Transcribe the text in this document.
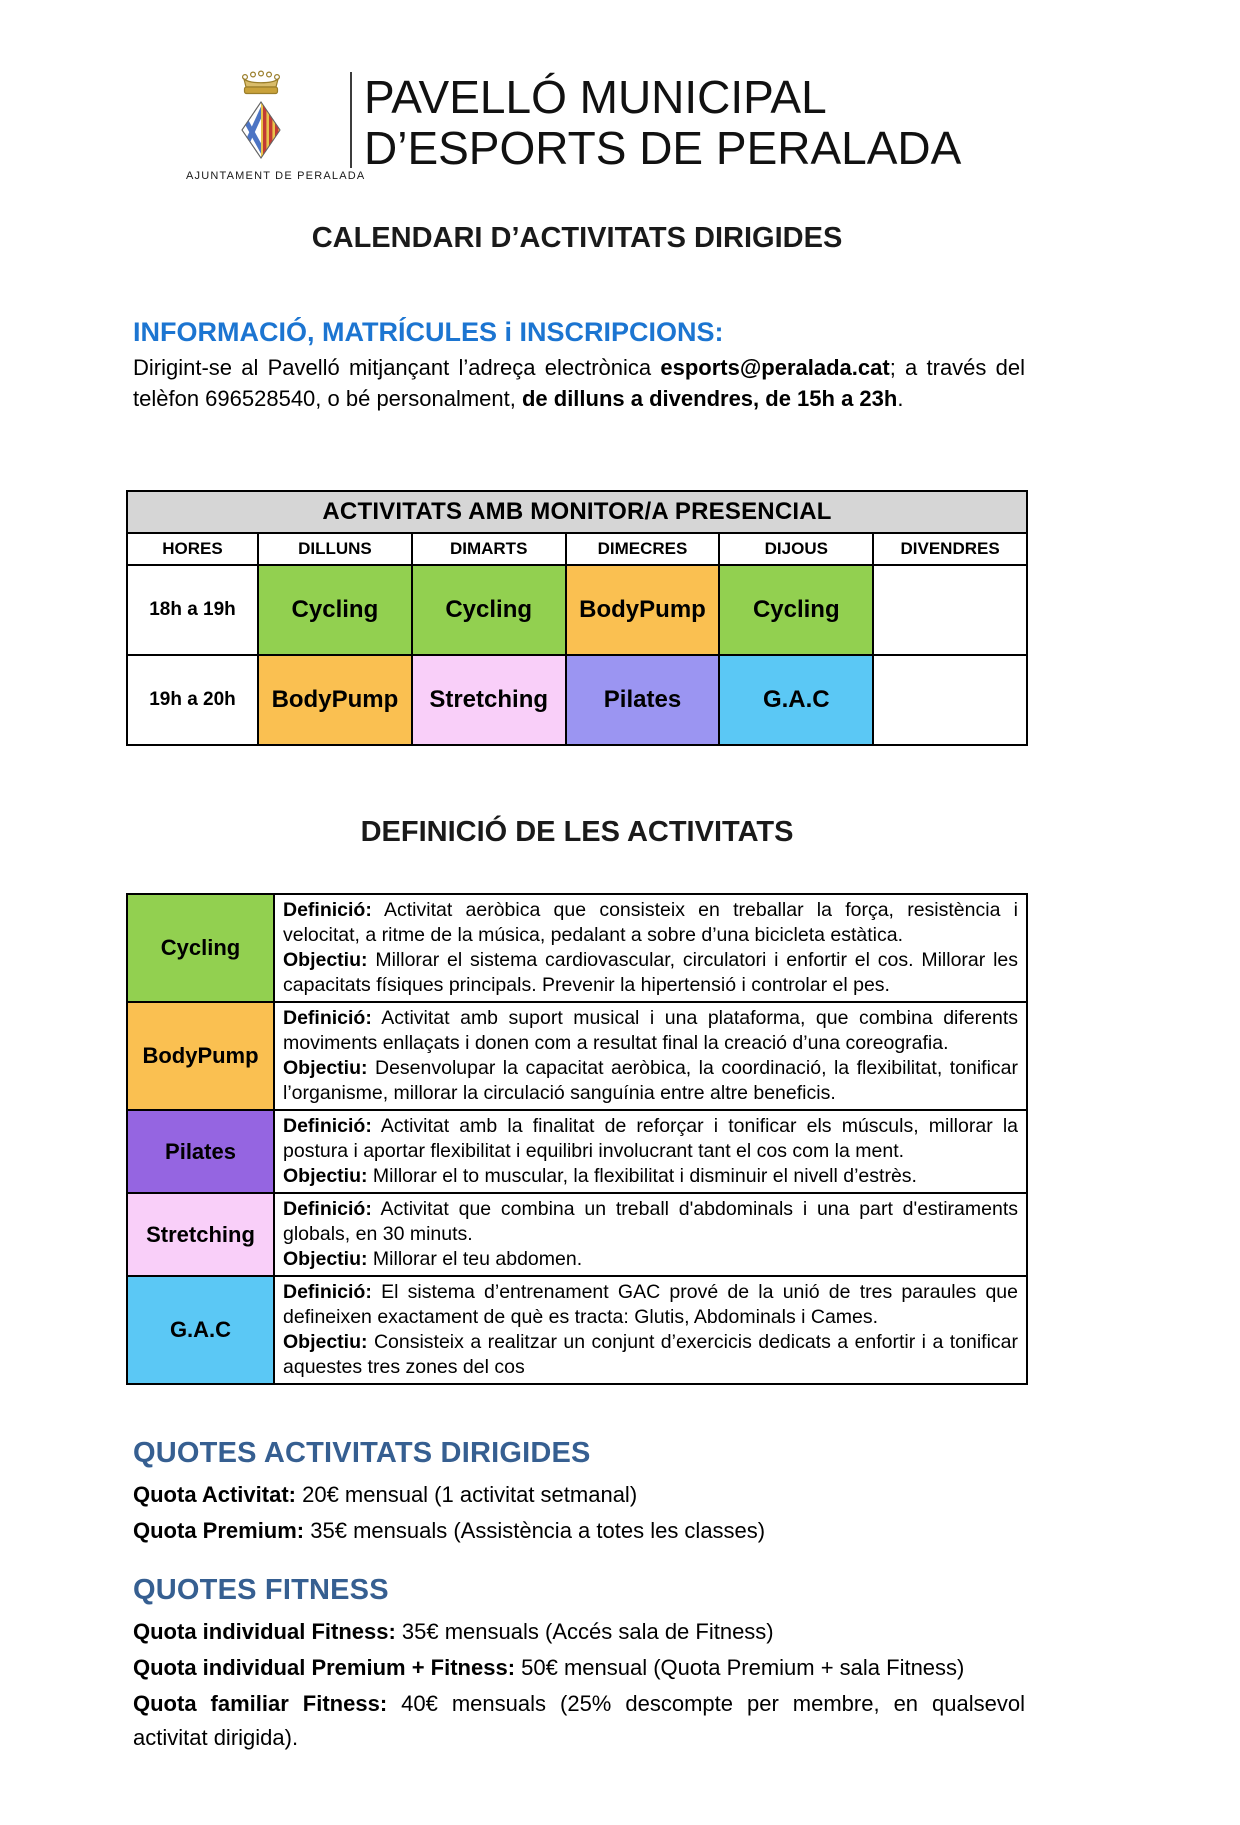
AJUNTAMENT DE PERALADA
PAVELLÓ MUNICIPAL
D’ESPORTS DE PERALADA
CALENDARI D’ACTIVITATS DIRIGIDES
INFORMACIÓ, MATRÍCULES i INSCRIPCIONS:

Dirigint-se al Pavelló mitjançant l’adreça electrònica esports@peralada.cat; a través del telèfon 696528540, o bé personalment, de dilluns a divendres, de 15h a 23h.

ACTIVITATS AMB MONITOR/A PRESENCIAL					
HORES	DILLUNS	DIMARTS	DIMECRES	DIJOUS	DIVENDRES
18h a 19h	Cycling	Cycling	BodyPump	Cycling	
19h a 20h	BodyPump	Stretching	Pilates	G.A.C	
DEFINICIÓ DE LES ACTIVITATS
Cycling	Definició: Activitat aeròbica que consisteix en treballar la força, resistència i velocitat, a ritme de la música, pedalant a sobre d’una bicicleta estàtica.
Objectiu: Millorar el sistema cardiovascular, circulatori i enfortir el cos. Millorar les capacitats físiques principals. Prevenir la hipertensió i controlar el pes.

BodyPump	Definició: Activitat amb suport musical i una plataforma, que combina diferents moviments enllaçats i donen com a resultat final la creació d’una coreografia.
Objectiu: Desenvolupar la capacitat aeròbica, la coordinació, la flexibilitat, tonificar l’organisme, millorar la circulació sanguínia entre altre beneficis.

Pilates	Definició: Activitat amb la finalitat de reforçar i tonificar els músculs, millorar la postura i aportar flexibilitat i equilibri involucrant tant el cos com la ment.
Objectiu: Millorar el to muscular, la flexibilitat i disminuir el nivell d’estrès.

Stretching	Definició: Activitat que combina un treball d'abdominals i una part d'estiraments globals, en 30 minuts.
Objectiu: Millorar el teu abdomen.

G.A.C	Definició: El sistema d’entrenament GAC prové de la unió de tres paraules que defineixen exactament de què es tracta: Glutis, Abdominals i Cames.
Objectiu: Consisteix a realitzar un conjunt d’exercicis dedicats a enfortir i a tonificar aquestes tres zones del cos
QUOTES ACTIVITATS DIRIGIDES

Quota Activitat: 20€ mensual (1 activitat setmanal)

Quota Premium: 35€ mensuals (Assistència a totes les classes)

QUOTES FITNESS

Quota individual Fitness: 35€ mensuals (Accés sala de Fitness)

Quota individual Premium + Fitness: 50€ mensual (Quota Premium + sala Fitness)

Quota familiar Fitness: 40€ mensuals (25% descompte per membre, en qualsevol activitat dirigida).
